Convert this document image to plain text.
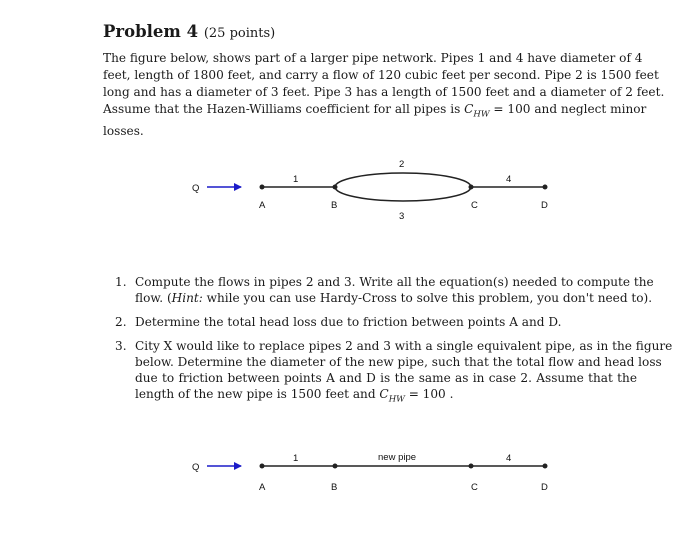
Problem 4 (25 points)
The figure below, shows part of a larger pipe network. Pipes 1 and 4 have diameter of 4
feet, length of 1800 feet, and carry a flow of 120 cubic feet per second. Pipe 2 is 1500 feet
long and has a diameter of 3 feet. Pipe 3 has a length of 1500 feet and a diameter of 2 feet.
Assume that the Hazen-Williams coefficient for all pipes is $C_{HW} = 100$ and neglect minor
losses.
Q
A	B	C	D
1
2
3
4
Q
A	B	C	D
1	new pipe	4
1. Compute the flows in pipes 2 and 3. Write all the equation(s) needed to compute the
flow. (Hint: while you can use Hardy-Cross to solve this problem, you don't need to).
2. Determine the total head loss due to friction between points A and D.
3. City X would like to replace pipes 2 and 3 with a single equivalent pipe, as in the figure
below. Determine the diameter of the new pipe, such that the total flow and head loss
due to friction between points A and D is the same as in case 2. Assume that the
length of the new pipe is 1500 feet and $C_{HW} = 100$ .
